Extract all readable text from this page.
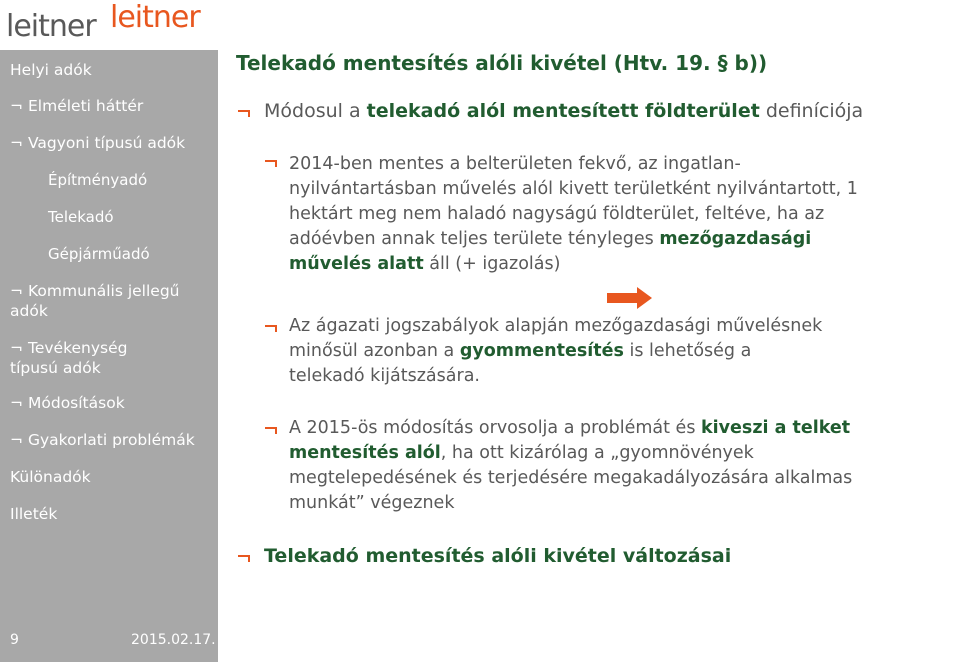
leitner leitner
Helyi adók
¬ Elméleti háttér
¬ Vagyoni típusú adók
Építményadó
Telekadó
Gépjárműadó
¬ Kommunális jellegű adók
¬ Tevékenység típusú adók
¬ Módosítások
¬ Gyakorlati problémák
Különadók
Illeték
9	2015.02.17.
Telekadó mentesítés alóli kivétel (Htv. 19. § b))
Módosul a telekadó alól mentesített földterület definíciója
2014-ben mentes a belterületen fekvő, az ingatlan-
nyilvántartásban művelés alól kivett területként nyilvántartott, 1
hektárt meg nem haladó nagyságú földterület, feltéve, ha az
adóévben annak teljes területe tényleges mezőgazdasági
művelés alatt áll (+ igazolás)
Az ágazati jogszabályok alapján mezőgazdasági művelésnek
minősül azonban a gyommentesítés is lehetőség a
telekadó kijátszására.
A 2015-ös módosítás orvosolja a problémát és kiveszi a telket
mentesítés alól, ha ott kizárólag a „gyomnövények
megtelepedésének és terjedésére megakadályozására alkalmas
munkát” végeznek
Telekadó mentesítés alóli kivétel változásai
